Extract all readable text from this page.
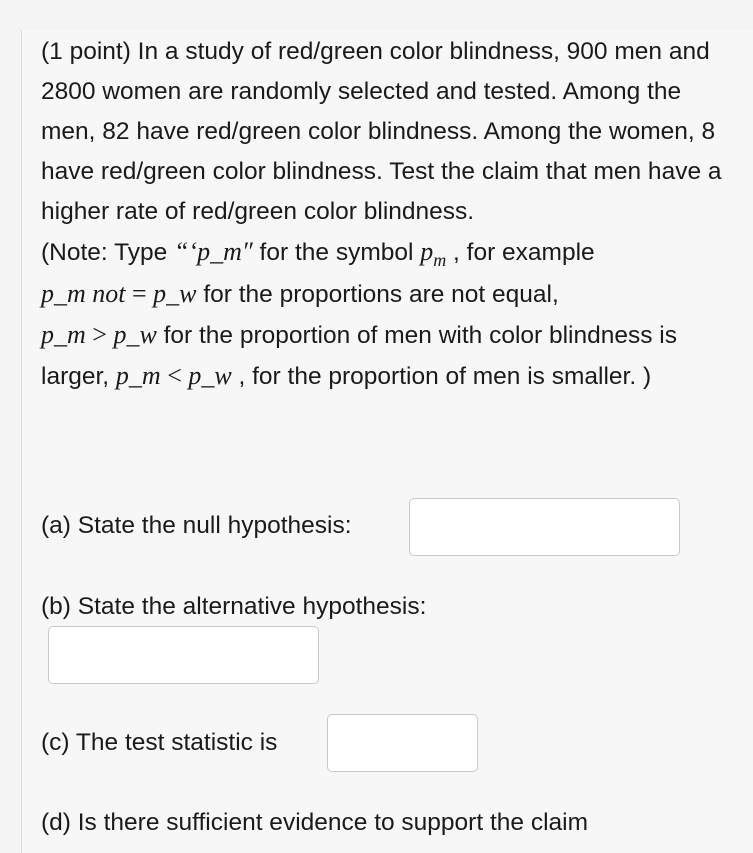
(1 point) In a study of red/green color blindness, 900 men and 2800 women are randomly selected and tested. Among the men, 82 have red/green color blindness. Among the women, 8 have red/green color blindness. Test the claim that men have a higher rate of red/green color blindness.

(Note: Type “‘p_m″ for the symbol $p_m$ , for example
p_m not = p_w for the proportions are not equal,
p_m > p_w for the proportion of men with color blindness is larger, p_m < p_w , for the proportion of men is smaller. )

(a) State the null hypothesis:
(b) State the alternative hypothesis:
(c) The test statistic is
(d) Is there sufficient evidence to support the claim
